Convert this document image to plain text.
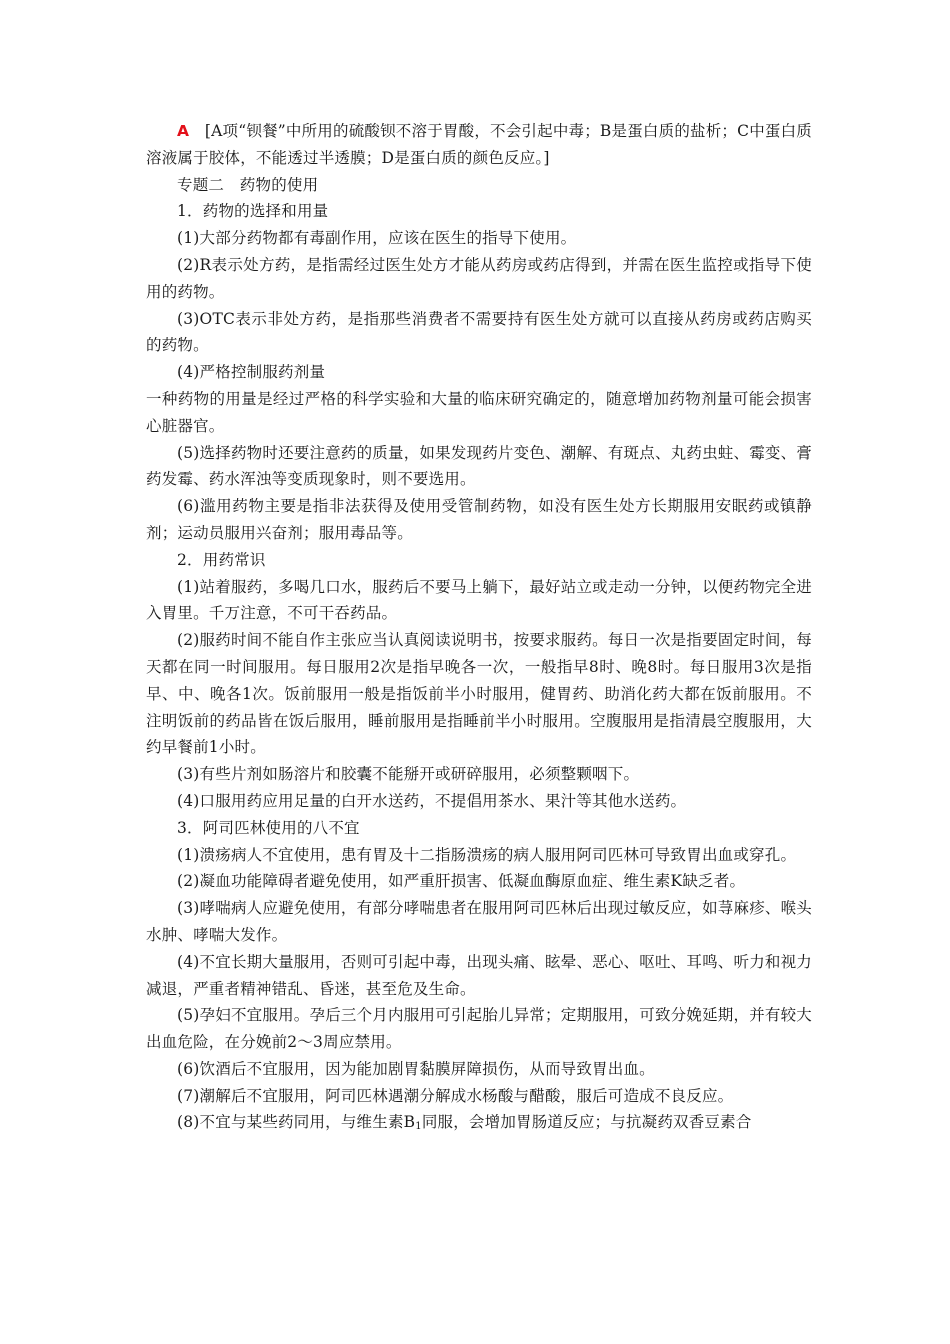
A　 [A项“钡餐”中所用的硫酸钡不溶于胃酸，不会引起中毒；B是蛋白质的盐析；C中蛋白质溶液属于胶体，不能透过半透膜；D是蛋白质的颜色反应。]

专题二　药物的使用

1．药物的选择和用量

(1)大部分药物都有毒副作用，应该在医生的指导下使用。

(2)R表示处方药，是指需经过医生处方才能从药房或药店得到，并需在医生监控或指导下使用的药物。

(3)OTC表示非处方药，是指那些消费者不需要持有医生处方就可以直接从药房或药店购买的药物。

(4)严格控制服药剂量

一种药物的用量是经过严格的科学实验和大量的临床研究确定的，随意增加药物剂量可能会损害心脏器官。

(5)选择药物时还要注意药的质量，如果发现药片变色、潮解、有斑点、丸药虫蛀、霉变、膏药发霉、药水浑浊等变质现象时，则不要选用。

(6)滥用药物主要是指非法获得及使用受管制药物，如没有医生处方长期服用安眠药或镇静剂；运动员服用兴奋剂；服用毒品等。

2．用药常识

(1)站着服药，多喝几口水，服药后不要马上躺下，最好站立或走动一分钟，以便药物完全进入胃里。千万注意，不可干吞药品。

(2)服药时间不能自作主张应当认真阅读说明书，按要求服药。每日一次是指要固定时间，每天都在同一时间服用。每日服用2次是指早晚各一次，一般指早8时、晚8时。每日服用3次是指早、中、晚各1次。饭前服用一般是指饭前半小时服用，健胃药、助消化药大都在饭前服用。不注明饭前的药品皆在饭后服用，睡前服用是指睡前半小时服用。空腹服用是指清晨空腹服用，大约早餐前1小时。

(3)有些片剂如肠溶片和胶囊不能掰开或研碎服用，必须整颗咽下。

(4)口服用药应用足量的白开水送药，不提倡用茶水、果汁等其他水送药。

3．阿司匹林使用的八不宜

(1)溃疡病人不宜使用，患有胃及十二指肠溃疡的病人服用阿司匹林可导致胃出血或穿孔。

(2)凝血功能障碍者避免使用，如严重肝损害、低凝血酶原血症、维生素K缺乏者。

(3)哮喘病人应避免使用，有部分哮喘患者在服用阿司匹林后出现过敏反应，如荨麻疹、喉头水肿、哮喘大发作。

(4)不宜长期大量服用，否则可引起中毒，出现头痛、眩晕、恶心、呕吐、耳鸣、听力和视力减退，严重者精神错乱、昏迷，甚至危及生命。

(5)孕妇不宜服用。孕后三个月内服用可引起胎儿异常；定期服用，可致分娩延期，并有较大出血危险，在分娩前2～3周应禁用。

(6)饮酒后不宜服用，因为能加剧胃黏膜屏障损伤，从而导致胃出血。

(7)潮解后不宜服用，阿司匹林遇潮分解成水杨酸与醋酸，服后可造成不良反应。

(8)不宜与某些药同用，与维生素$B_1$同服，会增加胃肠道反应；与抗凝药双香豆素合
